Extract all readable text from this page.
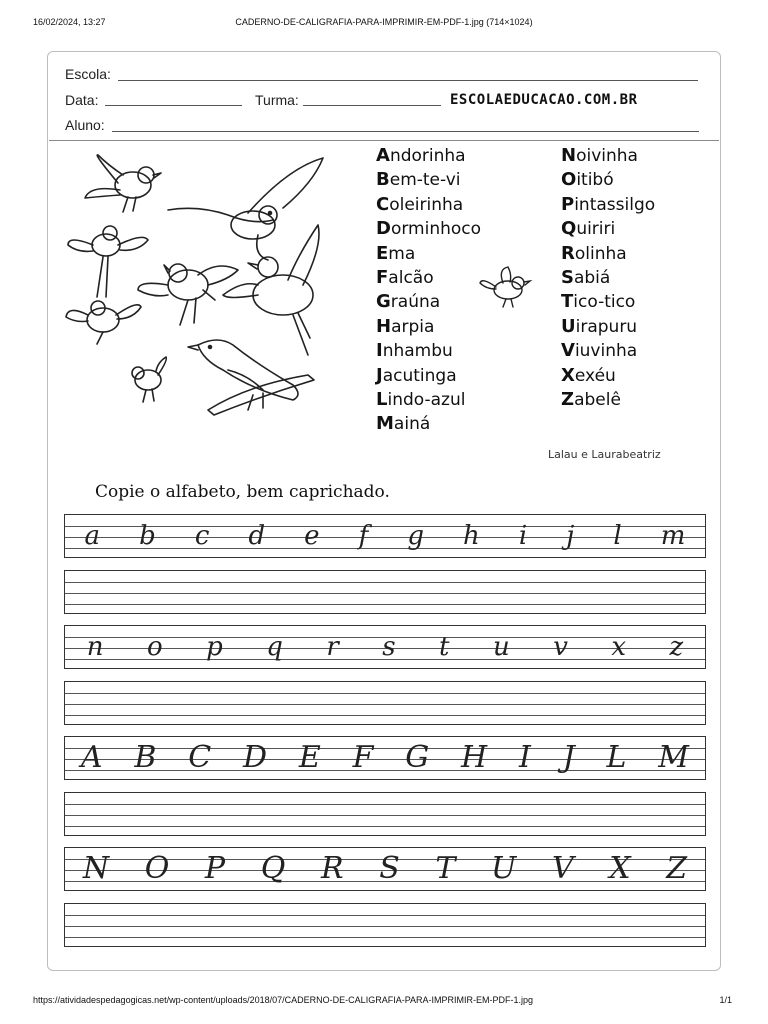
16/02/2024, 13:27	CADERNO-DE-CALIGRAFIA-PARA-IMPRIMIR-EM-PDF-1.jpg (714×1024)
Escola:
Data:	Turma:	ESCOLAEDUCACAO.COM.BR
Aluno:
Andorinha
Bem-te-vi
Coleirinha
Dorminhoco
Ema
Falcão
Graúna
Harpia
Inhambu
Jacutinga
Lindo-azul
Mainá
Noivinha
Oitibó
Pintassilgo
Quiriri
Rolinha
Sabiá
Tico-tico
Uirapuru
Viuvinha
Xexéu
Zabelê
Lalau e Laurabeatriz
Copie o alfabeto, bem caprichado.
a b c d e f g h i j l m
n o p q r s t u v x z
A B C D E F G H I J L M
N O P Q R S T U V X Z
https://atividadespedagogicas.net/wp-content/uploads/2018/07/CADERNO-DE-CALIGRAFIA-PARA-IMPRIMIR-EM-PDF-1.jpg	1/1
